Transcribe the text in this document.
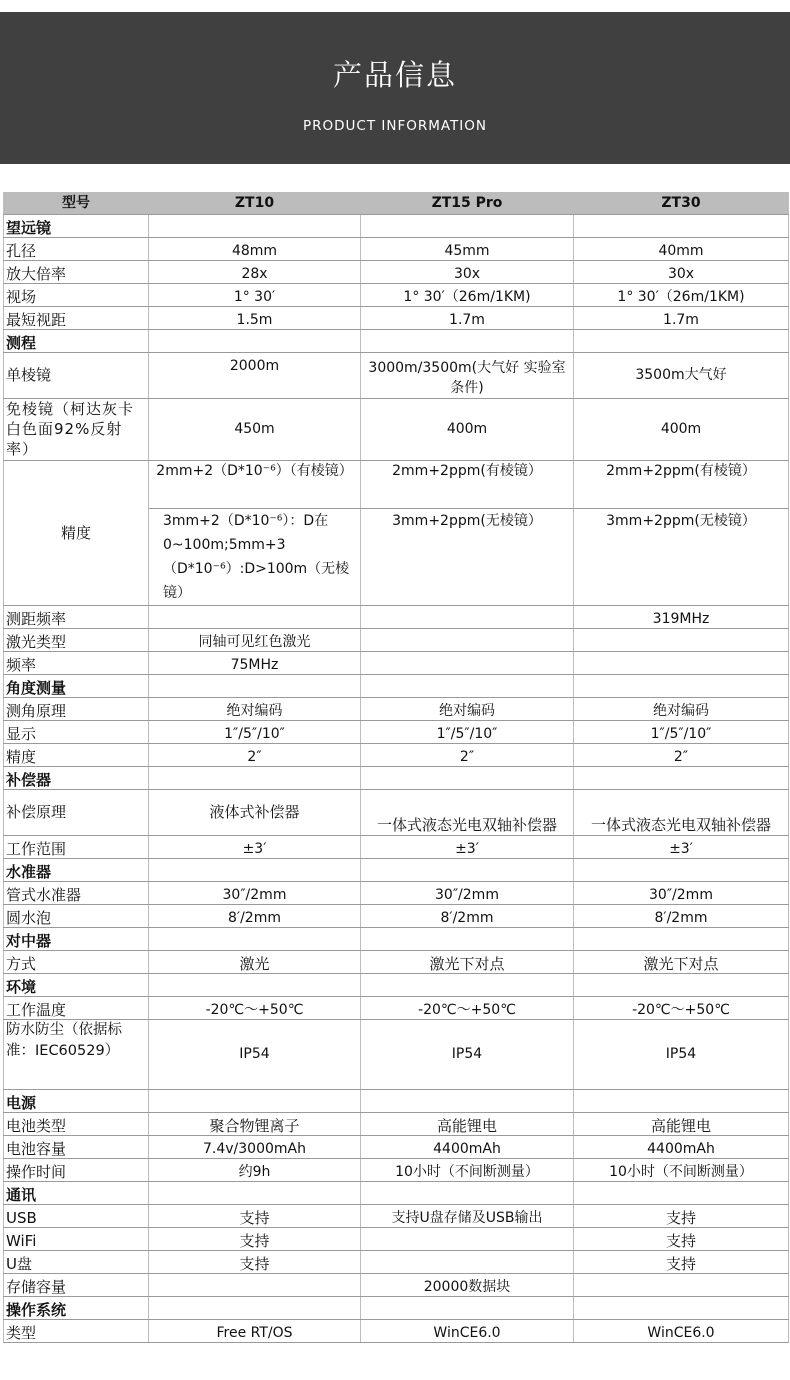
产品信息
PRODUCT INFORMATION
型号	ZT10	ZT15 Pro	ZT30
望远镜			
孔径	48mm	45mm	40mm
放大倍率	28x	30x	30x
视场	1° 30′	1° 30′（26m/1KM)	1° 30′（26m/1KM)
最短视距	1.5m	1.7m	1.7m
测程			
单棱镜	2000m	3000m/3500m(大气好 实验室条件)	3500m大气好
免棱镜（柯达灰卡白色面92%反射率）	450m	400m	400m
精度	2mm+2（D*10⁻⁶）（有棱镜）	2mm+2ppm(有棱镜）	2mm+2ppm(有棱镜）
	3mm+2（D*10⁻⁶）：D在0~100m;5mm+3（D*10⁻⁶）:D>100m（无棱镜）	3mm+2ppm(无棱镜）	3mm+2ppm(无棱镜）
测距频率			319MHz
激光类型	同轴可见红色激光		
频率	75MHz		
角度测量			
测角原理	绝对编码	绝对编码	绝对编码
显示	1″/5″/10″	1″/5″/10″	1″/5″/10″
精度	2″	2″	2″
补偿器			
补偿原理	液体式补偿器	一体式液态光电双轴补偿器	一体式液态光电双轴补偿器
工作范围	±3′	±3′	±3′
水准器			
管式水准器	30″/2mm	30″/2mm	30″/2mm
圆水泡	8′/2mm	8′/2mm	8′/2mm
对中器			
方式	激光	激光下对点	激光下对点
环境			
工作温度	-20℃～+50℃	-20℃～+50℃	-20℃～+50℃
防水防尘（依据标准：IEC60529）	IP54	IP54	IP54
电源			
电池类型	聚合物锂离子	高能锂电	高能锂电
电池容量	7.4v/3000mAh	4400mAh	4400mAh
操作时间	约9h	10小时（不间断测量）	10小时（不间断测量）
通讯			
USB	支持	支持U盘存储及USB输出	支持
WiFi	支持		支持
U盘	支持		支持
存储容量		20000数据块	
操作系统			
类型	Free RT/OS	WinCE6.0	WinCE6.0
